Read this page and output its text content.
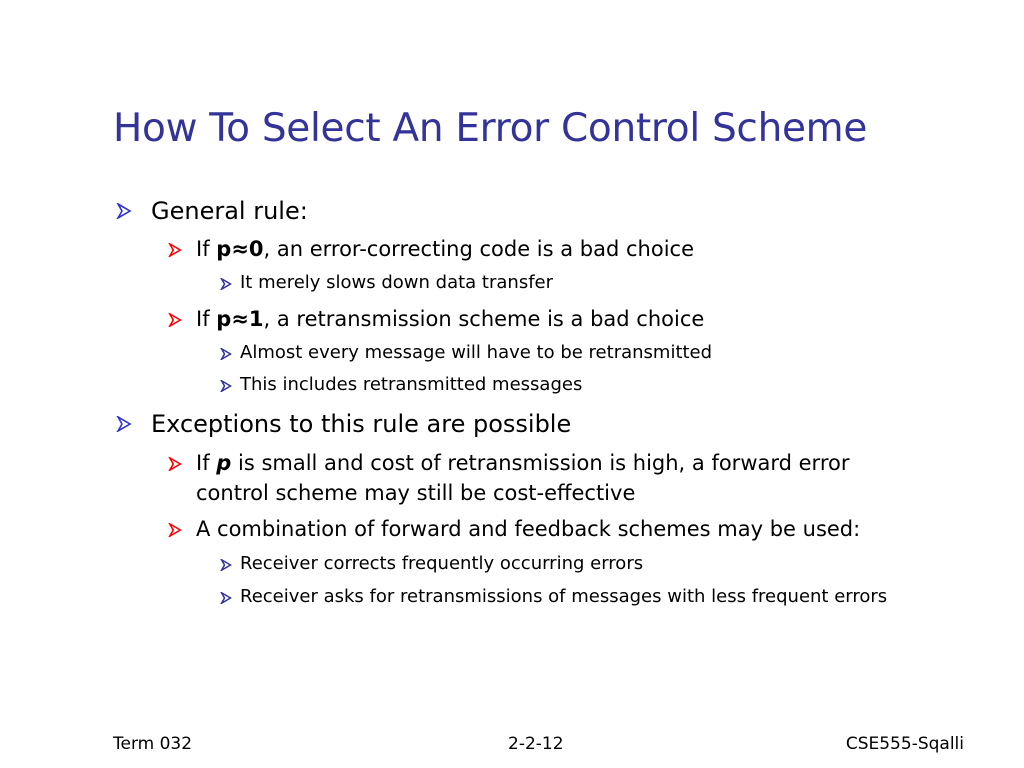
How To Select An Error Control Scheme
General rule:
If p≈0, an error-correcting code is a bad choice
It merely slows down data transfer
If p≈1, a retransmission scheme is a bad choice
Almost every message will have to be retransmitted
This includes retransmitted messages
Exceptions to this rule are possible
If p is small and cost of retransmission is high, a forward error
control scheme may still be cost-effective
A combination of forward and feedback schemes may be used:
Receiver corrects frequently occurring errors
Receiver asks for retransmissions of messages with less frequent errors
Term 032	2-2-12	CSE555-Sqalli
